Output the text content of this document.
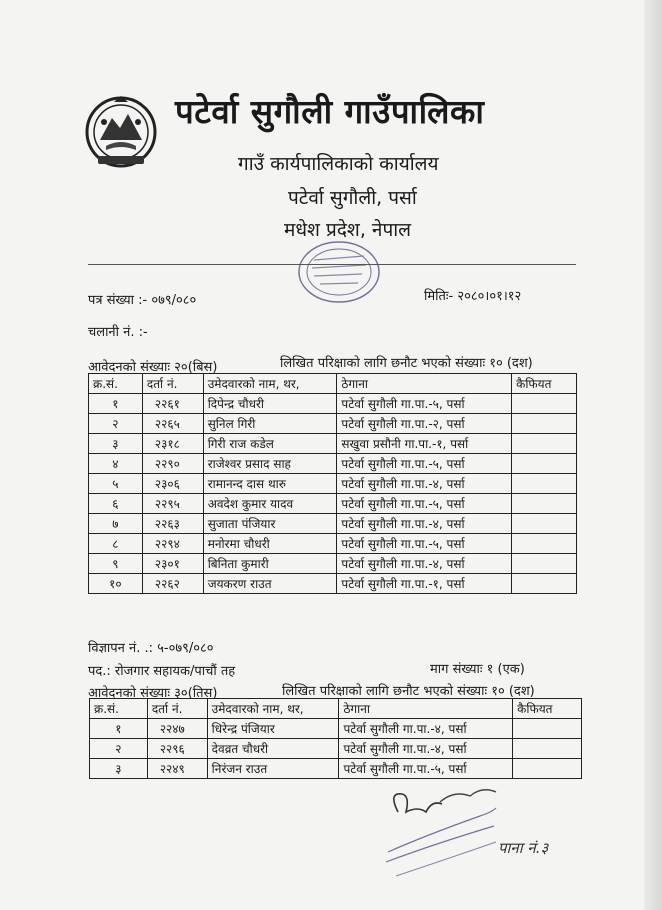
पटेर्वा सुगौली गाउँपालिका
गाउँ कार्यपालिकाको कार्यालय
पटेर्वा सुगौली, पर्सा
मधेश प्रदेश, नेपाल
पत्र संख्या :- ०७९/०८०	मितिः- २०८०।०१।१२
चलानी नं. :-
आवेदनको संख्याः २०(बिस)	लिखित परिक्षाको लागि छनौट भएको संख्याः १० (दश)
क्र.सं.	दर्ता नं.	उमेदवारको नाम, थर,	ठेगाना	कैफियत
१	२२६१	दिपेन्द्र चौधरी	पटेर्वा सुगौली गा.पा.-५, पर्सा	
२	२२६५	सुनिल गिरी	पटेर्वा सुगौली गा.पा.-२, पर्सा	
३	२३१८	गिरी राज कडेल	सखुवा प्रसौनी गा.पा.-१, पर्सा	
४	२२९०	राजेश्वर प्रसाद साह	पटेर्वा सुगौली गा.पा.-५, पर्सा	
५	२३०६	रामानन्द दास थारु	पटेर्वा सुगौली गा.पा.-४, पर्सा	
६	२२९५	अवदेश कुमार यादव	पटेर्वा सुगौली गा.पा.-५, पर्सा	
७	२२६३	सुजाता पंजियार	पटेर्वा सुगौली गा.पा.-४, पर्सा	
८	२२९४	मनोरमा चौधरी	पटेर्वा सुगौली गा.पा.-५, पर्सा	
९	२३०१	बिनिता कुमारी	पटेर्वा सुगौली गा.पा.-४, पर्सा	
१०	२२६२	जयकरण राउत	पटेर्वा सुगौली गा.पा.-१, पर्सा	
विज्ञापन नं. .: ५-०७९/०८०
पद.: रोजगार सहायक/पाचौं तह	माग संख्याः १ (एक)
आवेदनको संख्याः ३०(तिस)	लिखित परिक्षाको लागि छनौट भएको संख्याः १० (दश)
क्र.सं.	दर्ता नं.	उमेदवारको नाम, थर,	ठेगाना	कैफियत
१	२२४७	धिरेन्द्र पंजियार	पटेर्वा सुगौली गा.पा.-४, पर्सा	
२	२२९६	देवव्रत चौधरी	पटेर्वा सुगौली गा.पा.-४, पर्सा	
३	२२४९	निरंजन राउत	पटेर्वा सुगौली गा.पा.-५, पर्सा	
पाना नं.३
